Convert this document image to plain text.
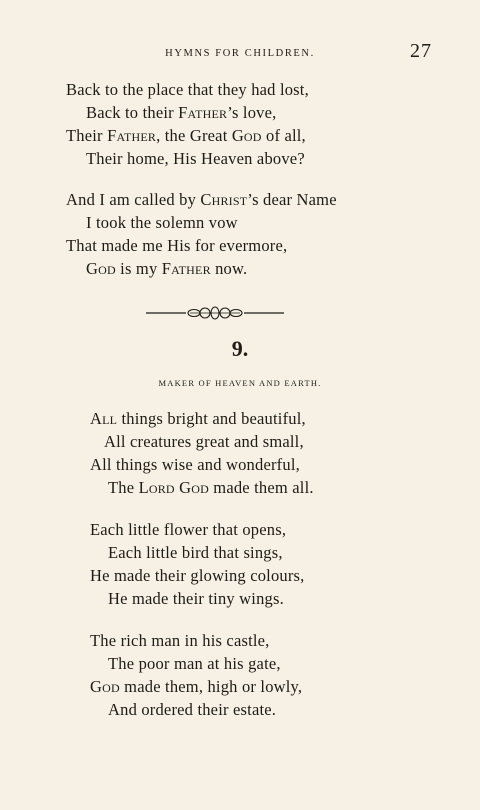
HYMNS FOR CHILDREN.	27
Back to the place that they had lost,
Back to their Father’s love,
Their Father, the Great God of all,
Their home, His Heaven above?
And I am called by Christ’s dear Name
I took the solemn vow
That made me His for evermore,
God is my Father now.
9.
MAKER OF HEAVEN AND EARTH.
All things bright and beautiful,
All creatures great and small,
All things wise and wonderful,
The Lord God made them all.
Each little flower that opens,
Each little bird that sings,
He made their glowing colours,
He made their tiny wings.
The rich man in his castle,
The poor man at his gate,
God made them, high or lowly,
And ordered their estate.
